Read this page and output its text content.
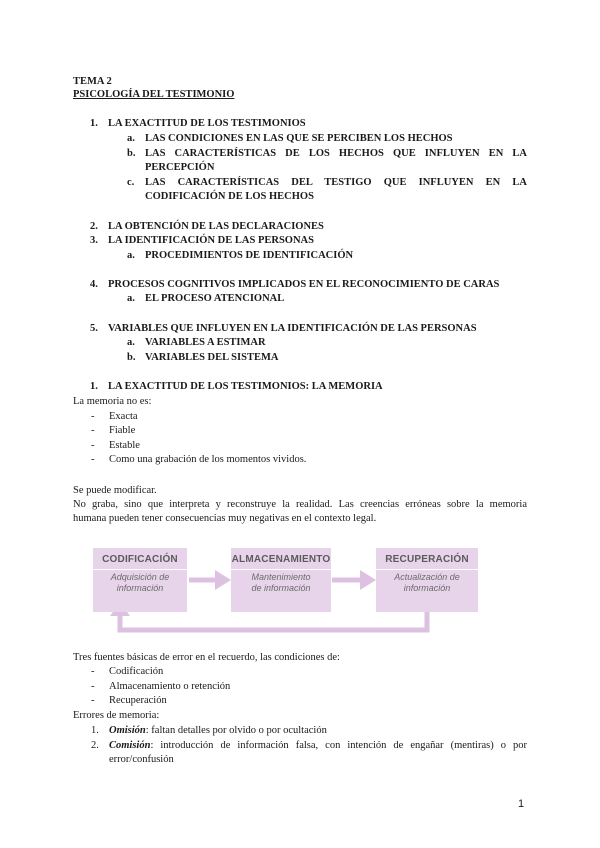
TEMA 2
PSICOLOGÍA DEL TESTIMONIO
1. LA EXACTITUD DE LOS TESTIMONIOS
a. LAS CONDICIONES EN LAS QUE SE PERCIBEN LOS HECHOS
b. LAS CARACTERÍSTICAS DE LOS HECHOS QUE INFLUYEN EN LA
PERCEPCIÓN
c. LAS CARACTERÍSTICAS DEL TESTIGO QUE INFLUYEN EN LA
CODIFICACIÓN DE LOS HECHOS
2. LA OBTENCIÓN DE LAS DECLARACIONES
3. LA IDENTIFICACIÓN DE LAS PERSONAS
a. PROCEDIMIENTOS DE IDENTIFICACIÓN
4. PROCESOS COGNITIVOS IMPLICADOS EN EL RECONOCIMIENTO DE CARAS
a. EL PROCESO ATENCIONAL
5. VARIABLES QUE INFLUYEN EN LA IDENTIFICACIÓN DE LAS PERSONAS
a. VARIABLES A ESTIMAR
b. VARIABLES DEL SISTEMA
1. LA EXACTITUD DE LOS TESTIMONIOS: LA MEMORIA
La memoria no es:
- Exacta
- Fiable
- Estable
- Como una grabación de los momentos vividos.
Se puede modificar.
No graba, sino que interpreta y reconstruye la realidad. Las creencias erróneas sobre la memoria
humana pueden tener consecuencias muy negativas en el contexto legal.
CODIFICACIÓN
Adquisición de
información
ALMACENAMIENTO
Mantenimiento
de información
RECUPERACIÓN
Actualización de
información
Tres fuentes básicas de error en el recuerdo, las condiciones de:
- Codificación
- Almacenamiento o retención
- Recuperación
Errores de memoria:
1. Omisión: faltan detalles por olvido o por ocultación
2. Comisión: introducción de información falsa, con intención de engañar (mentiras) o por
error/confusión
1
